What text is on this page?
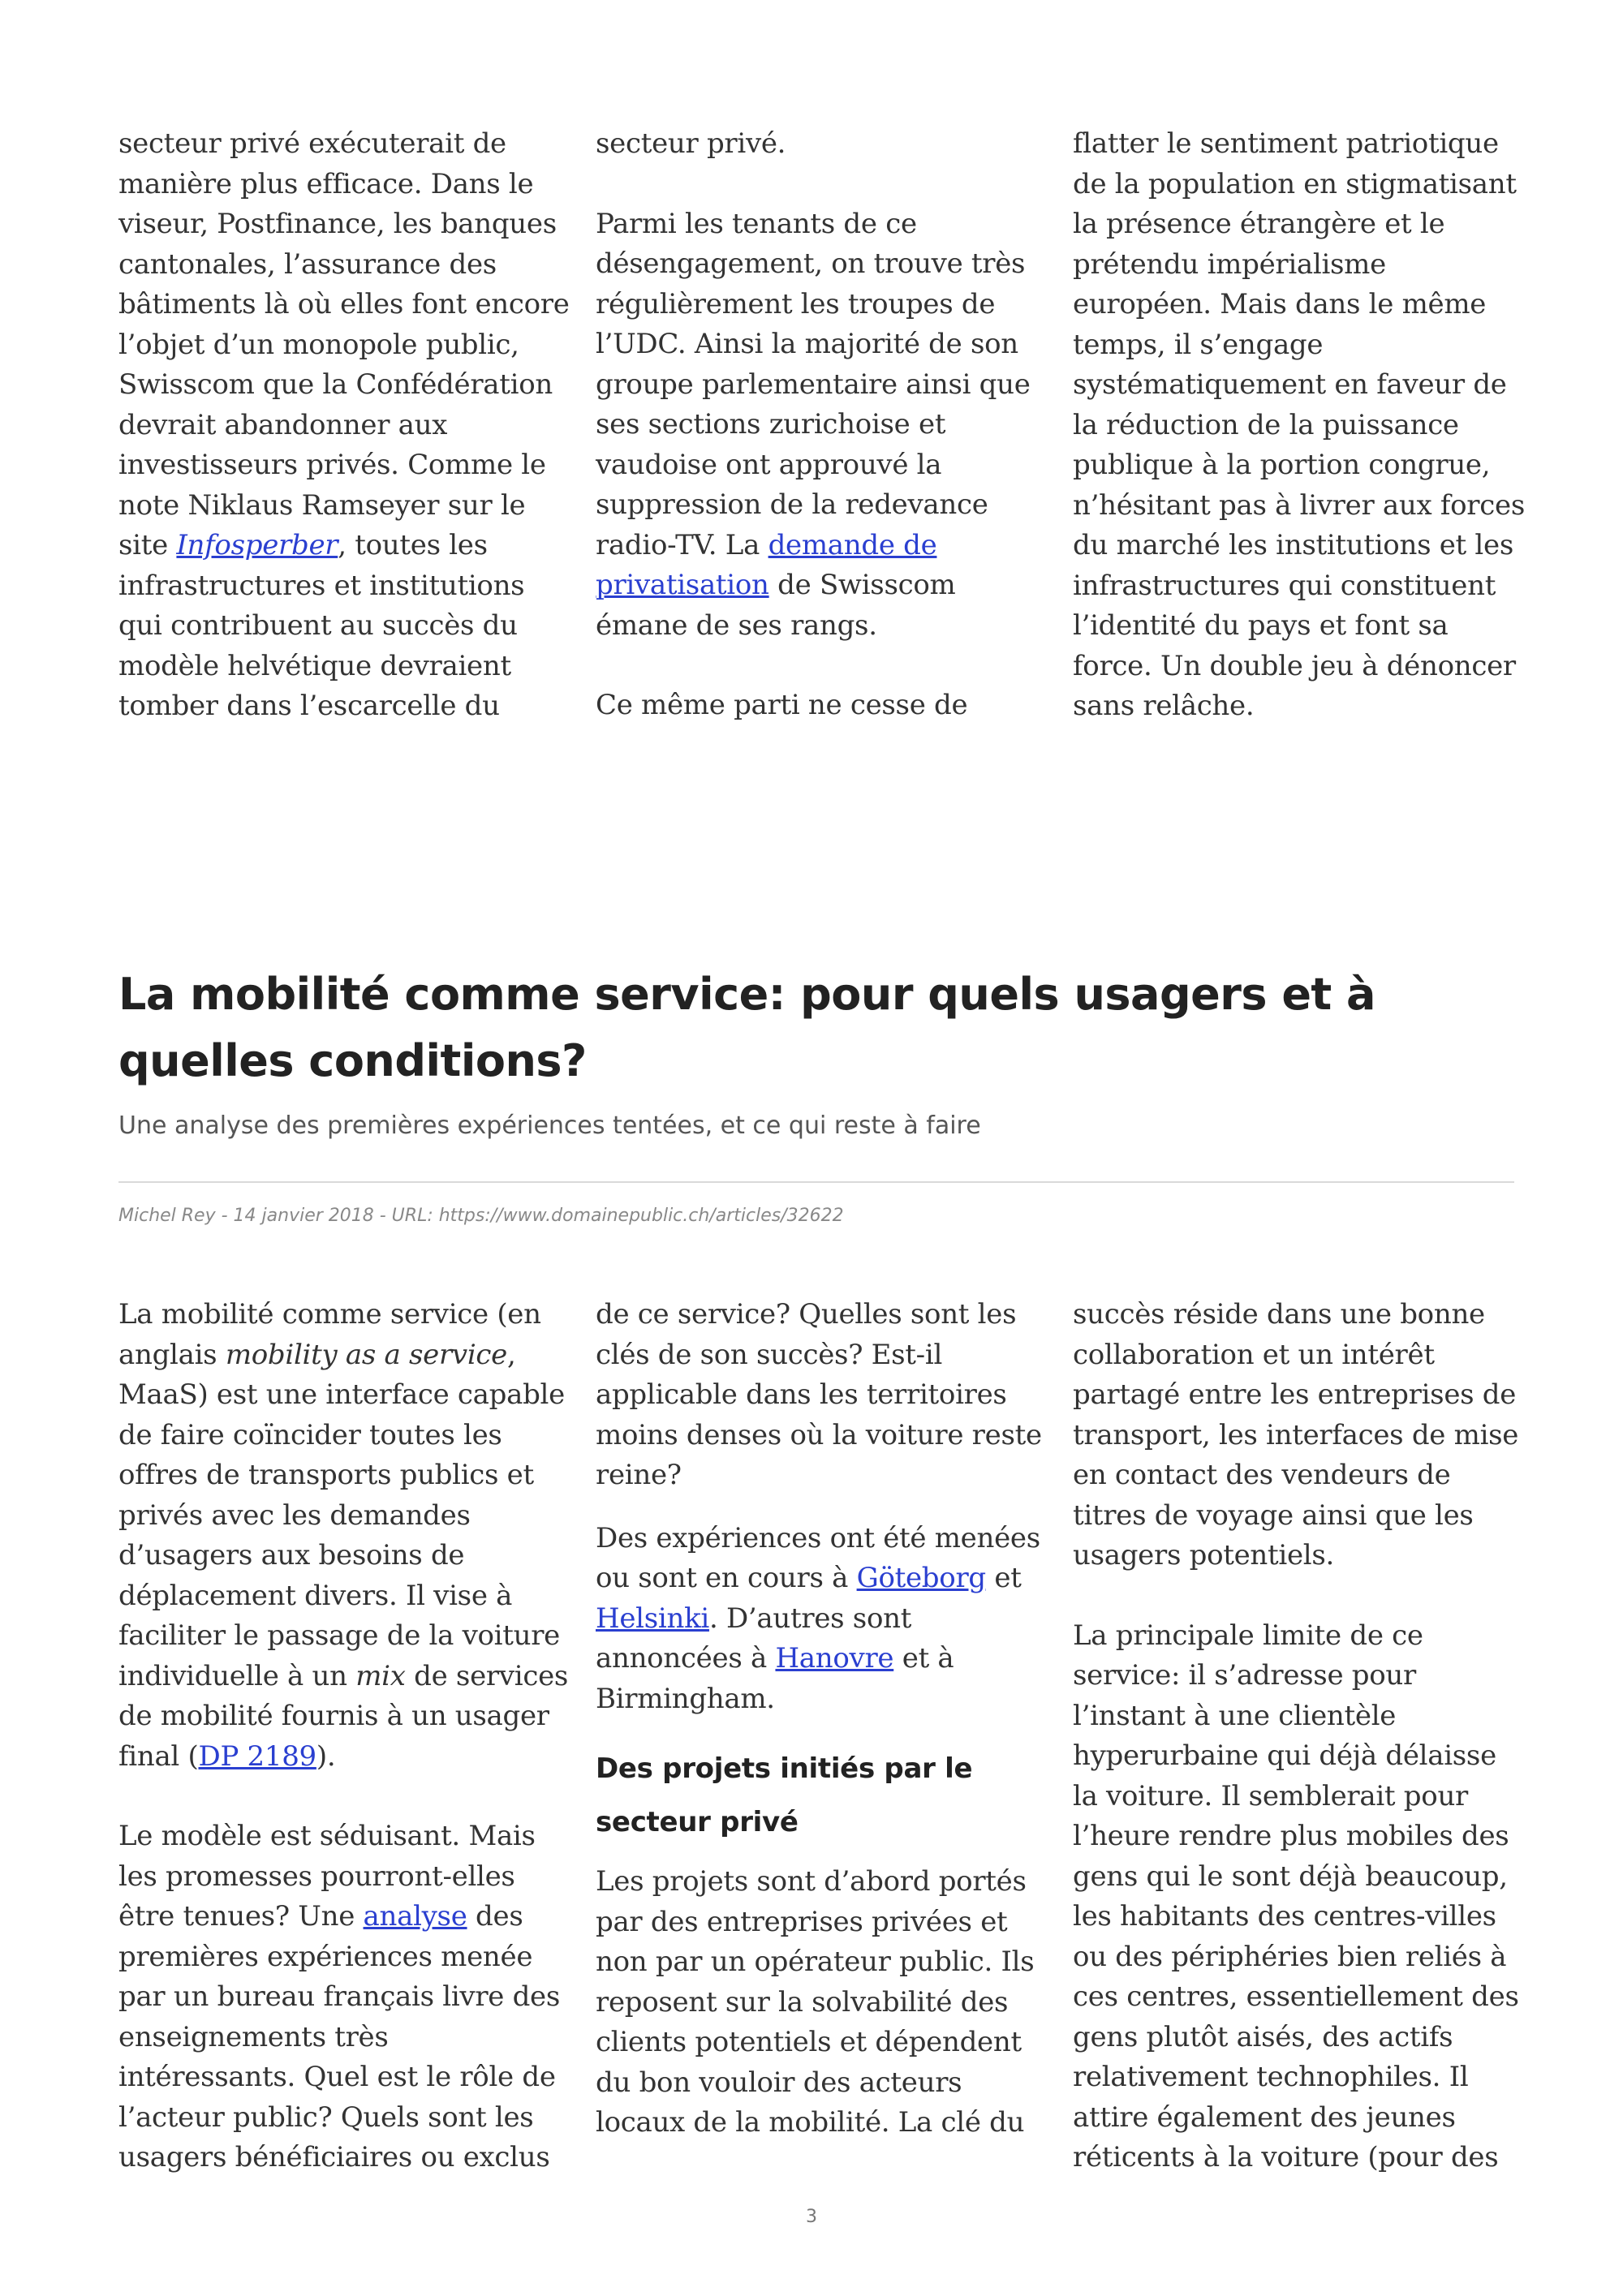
secteur privé exécuterait de manière plus efficace. Dans le viseur, Postfinance, les banques cantonales, l’assurance des bâtiments là où elles font encore l’objet d’un monopole public, Swisscom que la Confédération devrait abandonner aux investisseurs privés. Comme le note Niklaus Ramseyer sur le site Infosperber, toutes les infrastructures et institutions qui contribuent au succès du modèle helvétique devraient tomber dans l’escarcelle du

secteur privé.

Parmi les tenants de ce désengagement, on trouve très régulièrement les troupes de l’UDC. Ainsi la majorité de son groupe parlementaire ainsi que ses sections zurichoise et vaudoise ont approuvé la suppression de la redevance radio-TV. La demande de privatisation de Swisscom émane de ses rangs.

Ce même parti ne cesse de

flatter le sentiment patriotique de la population en stigmatisant la présence étrangère et le prétendu impérialisme européen. Mais dans le même temps, il s’engage systématiquement en faveur de la réduction de la puissance publique à la portion congrue, n’hésitant pas à livrer aux forces du marché les institutions et les infrastructures qui constituent l’identité du pays et font sa force. Un double jeu à dénoncer sans relâche.

La mobilité comme service: pour quels usagers et à quelles conditions?
Une analyse des premières expériences tentées, et ce qui reste à faire
Michel Rey - 14 janvier 2018 - URL: https://www.domainepublic.ch/articles/32622

La mobilité comme service (en anglais mobility as a service, MaaS) est une interface capable de faire coïncider toutes les offres de transports publics et privés avec les demandes d’usagers aux besoins de déplacement divers. Il vise à faciliter le passage de la voiture individuelle à un mix de services de mobilité fournis à un usager final (DP 2189).

Le modèle est séduisant. Mais les promesses pourront-elles être tenues? Une analyse des premières expériences menée par un bureau français livre des enseignements très intéressants. Quel est le rôle de l’acteur public? Quels sont les usagers bénéficiaires ou exclus

de ce service? Quelles sont les clés de son succès? Est-il applicable dans les territoires moins denses où la voiture reste reine?

Des expériences ont été menées ou sont en cours à Göteborg et Helsinki. D’autres sont annoncées à Hanovre et à Birmingham.

Des projets initiés par le secteur privé

Les projets sont d’abord portés par des entreprises privées et non par un opérateur public. Ils reposent sur la solvabilité des clients potentiels et dépendent du bon vouloir des acteurs locaux de la mobilité. La clé du

succès réside dans une bonne collaboration et un intérêt partagé entre les entreprises de transport, les interfaces de mise en contact des vendeurs de titres de voyage ainsi que les usagers potentiels.

La principale limite de ce service: il s’adresse pour l’instant à une clientèle hyperurbaine qui déjà délaisse la voiture. Il semblerait pour l’heure rendre plus mobiles des gens qui le sont déjà beaucoup, les habitants des centres-villes ou des périphéries bien reliés à ces centres, essentiellement des gens plutôt aisés, des actifs relativement technophiles. Il attire également des jeunes réticents à la voiture (pour des

3
